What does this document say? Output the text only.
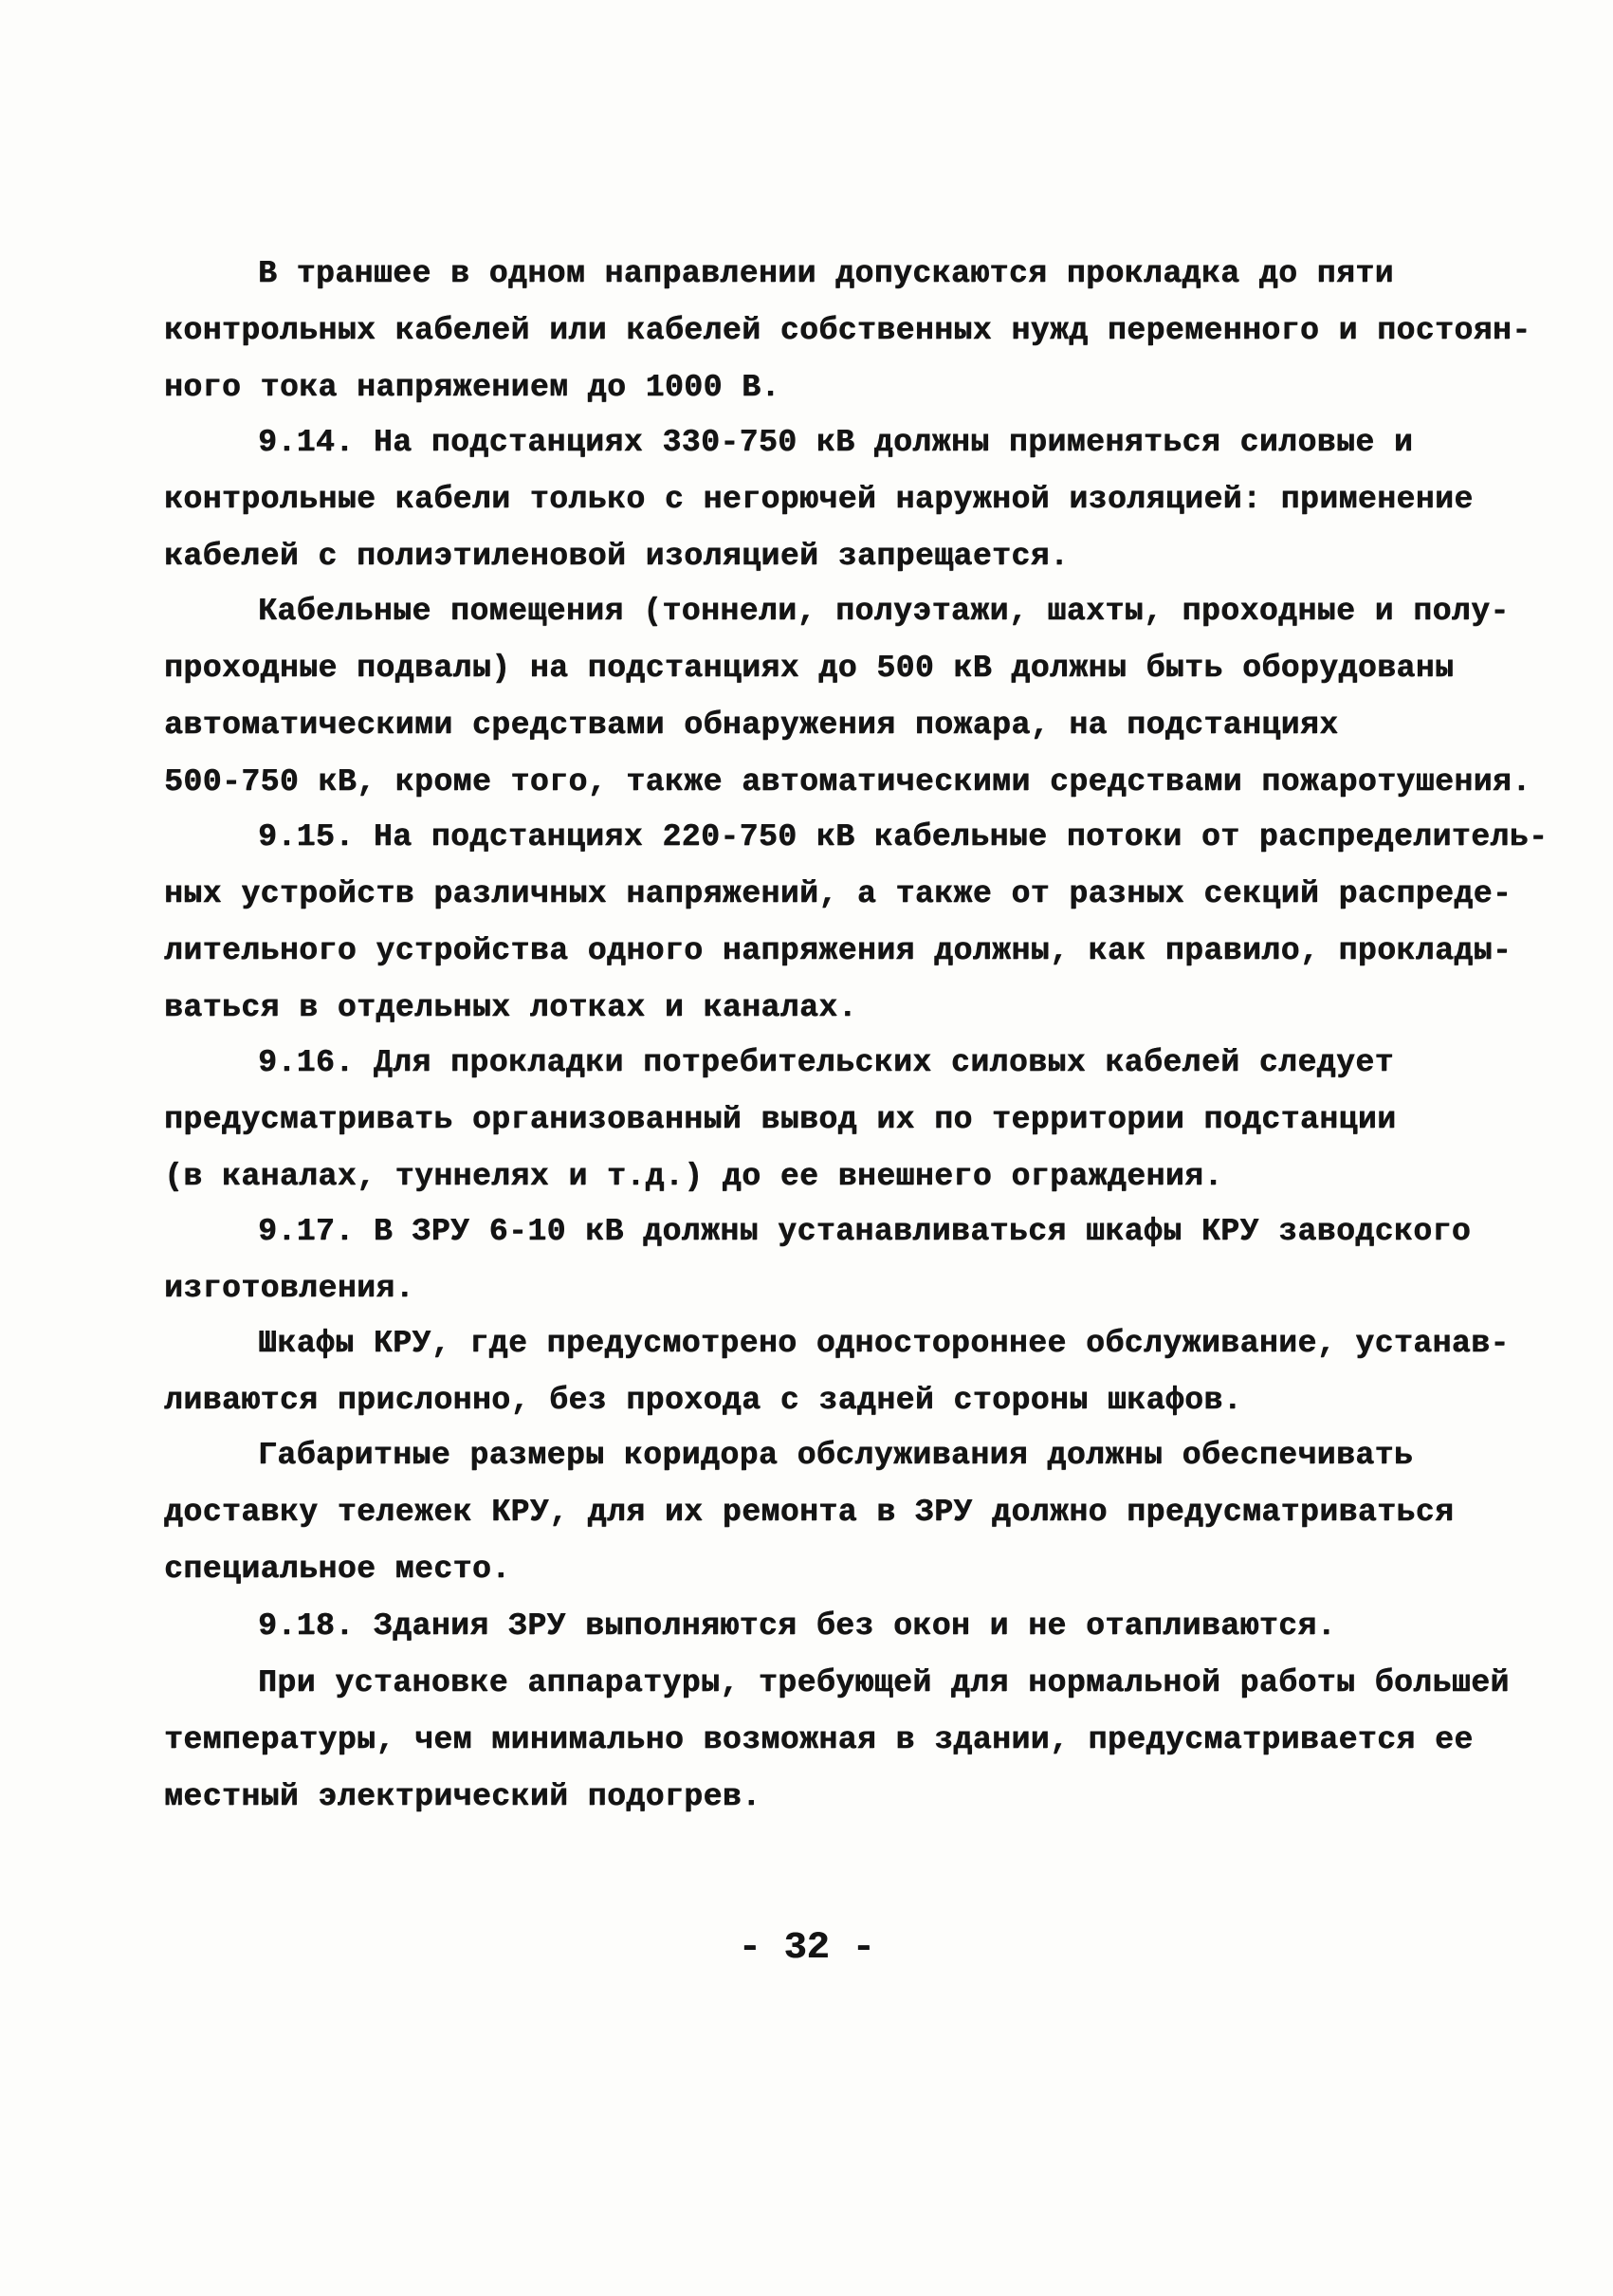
В траншее в одном направлении допускаются прокладка до пяти
контрольных кабелей или кабелей собственных нужд переменного и постоян-
ного тока напряжением до 1000 В.
9.14. На подстанциях 330-750 кВ должны применяться силовые и
контрольные кабели только с негорючей наружной изоляцией: применение
кабелей с полиэтиленовой изоляцией запрещается.
Кабельные помещения (тоннели, полуэтажи, шахты, проходные и полу-
проходные подвалы) на подстанциях до 500 кВ должны быть оборудованы
автоматическими средствами обнаружения пожара, на подстанциях
500-750 кВ, кроме того, также автоматическими средствами пожаротушения.
9.15. На подстанциях 220-750 кВ кабельные потоки от распределитель-
ных устройств различных напряжений, а также от разных секций распреде-
лительного устройства одного напряжения должны, как правило, проклады-
ваться в отдельных лотках и каналах.
9.16. Для прокладки потребительских силовых кабелей следует
предусматривать организованный вывод их по территории подстанции
(в каналах, туннелях и т.д.) до ее внешнего ограждения.
9.17. В ЗРУ 6-10 кВ должны устанавливаться шкафы КРУ заводского
изготовления.
Шкафы КРУ, где предусмотрено одностороннее обслуживание, устанав-
ливаются прислонно, без прохода с задней стороны шкафов.
Габаритные размеры коридора обслуживания должны обеспечивать
доставку тележек КРУ, для их ремонта в ЗРУ должно предусматриваться
специальное место.
9.18. Здания ЗРУ выполняются без окон и не отапливаются.
При установке аппаратуры, требующей для нормальной работы большей
температуры, чем минимально возможная в здании, предусматривается ее
местный электрический подогрев.
- 32 -
